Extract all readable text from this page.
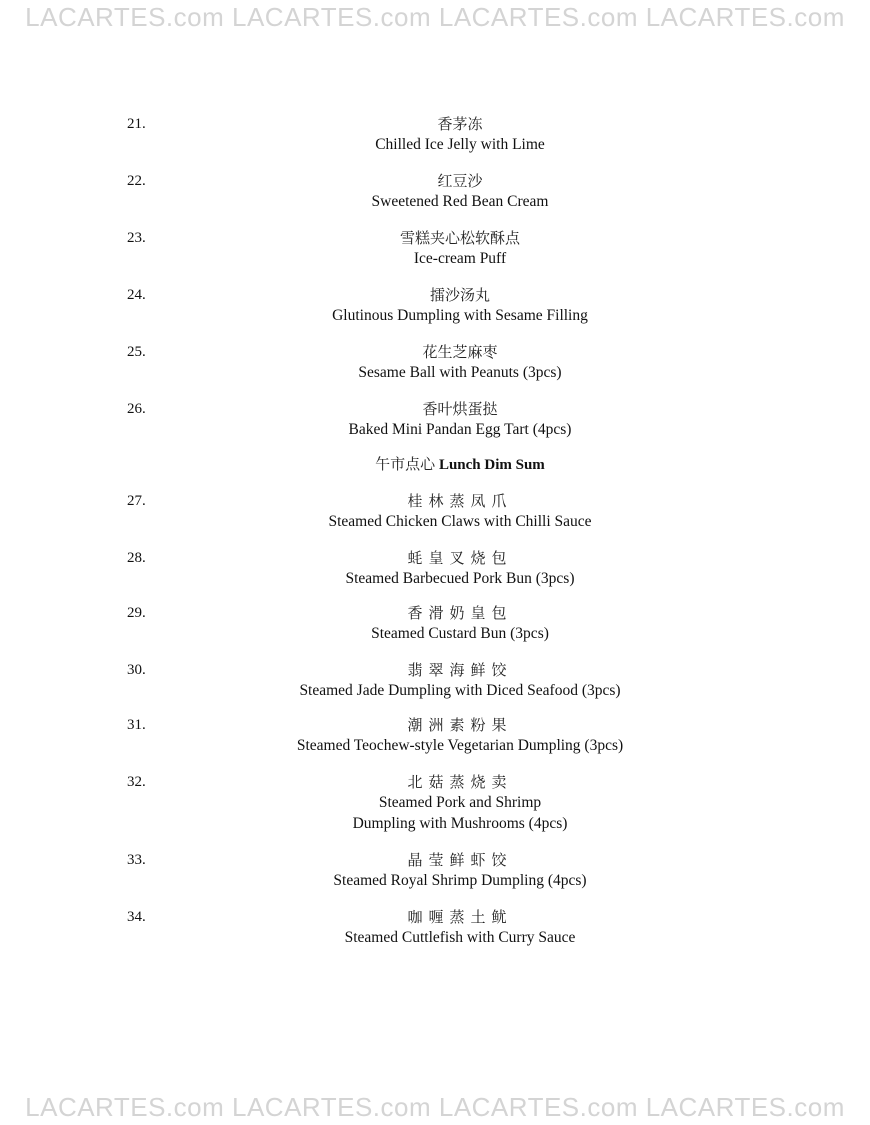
LACARTES.com LACARTES.com LACARTES.com LACARTES.com
21.	香茅冻
Chilled Ice Jelly with Lime
22.	红豆沙
Sweetened Red Bean Cream
23.	雪糕夹心松软酥点
Ice-cream Puff
24.	擂沙汤丸
Glutinous Dumpling with Sesame Filling
25.	花生芝麻枣
Sesame Ball with Peanuts (3pcs)
26.	香叶烘蛋挞
Baked Mini Pandan Egg Tart (4pcs)
午市点心 Lunch Dim Sum
27.	桂林蒸凤爪
Steamed Chicken Claws with Chilli Sauce
28.	蚝皇叉烧包
Steamed Barbecued Pork Bun (3pcs)
29.	香滑奶皇包
Steamed Custard Bun (3pcs)
30.	翡翠海鲜饺
Steamed Jade Dumpling with Diced Seafood (3pcs)
31.	潮洲素粉果
Steamed Teochew-style Vegetarian Dumpling (3pcs)
32.	北菇蒸烧卖
Steamed Pork and Shrimp
Dumpling with Mushrooms (4pcs)
33.	晶莹鲜虾饺
Steamed Royal Shrimp Dumpling (4pcs)
34.	咖喱蒸土鱿
Steamed Cuttlefish with Curry Sauce
LACARTES.com LACARTES.com LACARTES.com LACARTES.com
